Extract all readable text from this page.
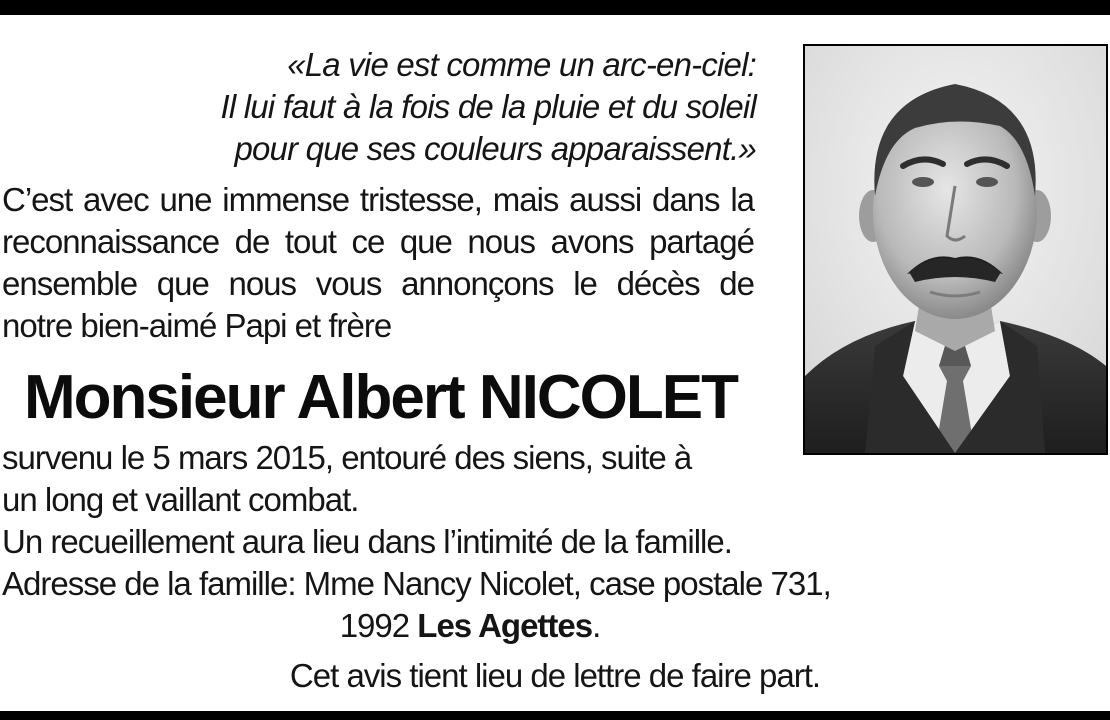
«La vie est comme un arc-en-ciel:
Il lui faut à la fois de la pluie et du soleil
pour que ses couleurs apparaissent.»
C’est avec une immense tristesse, mais aussi dans la
reconnaissance de tout ce que nous avons partagé
ensemble que nous vous annonçons le décès de
notre bien-aimé Papi et frère
Monsieur Albert NICOLET
survenu le 5 mars 2015, entouré des siens, suite à
un long et vaillant combat.
Un recueillement aura lieu dans l’intimité de la famille.
Adresse de la famille: Mme Nancy Nicolet, case postale 731,
1992 Les Agettes.
Cet avis tient lieu de lettre de faire part.
